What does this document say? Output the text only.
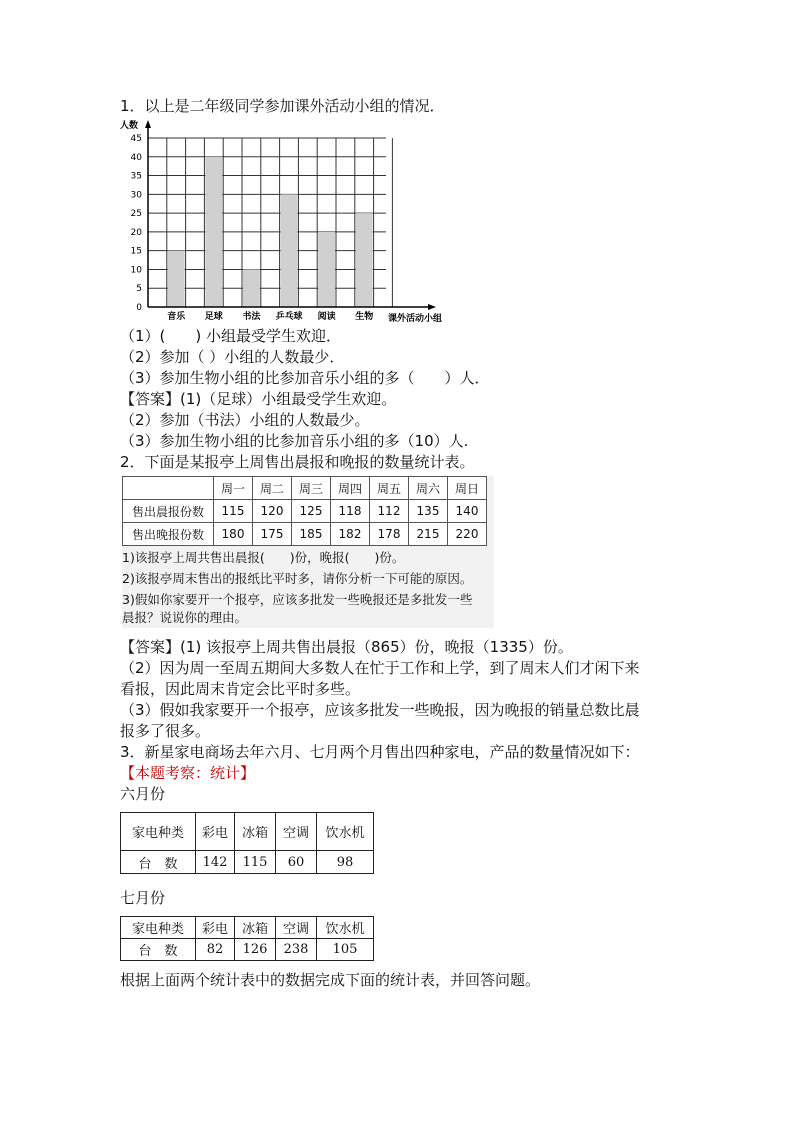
1．以上是二年级同学参加课外活动小组的情况．
0
5
10
15
20
25
30
35
40
45
人数
音乐 足球 书法 乒乓球 阅读 生物 课外活动小组
（1）(　　) 小组最受学生欢迎．
（2）参加（ ）小组的人数最少．
（3）参加生物小组的比参加音乐小组的多（　　）人．
【答案】(1)（足球）小组最受学生欢迎。
（2）参加（书法）小组的人数最少。
（3）参加生物小组的比参加音乐小组的多（10）人.
2．下面是某报亭上周售出晨报和晚报的数量统计表。
	周一	周二	周三	周四	周五	周六	周日
售出晨报份数	115	120	125	118	112	135	140
售出晚报份数	180	175	185	182	178	215	220
1)该报亭上周共售出晨报(　　)份，晚报(　　)份。
2)该报亭周末售出的报纸比平时多，请你分析一下可能的原因。
3)假如你家要开一个报亭，应该多批发一些晚报还是多批发一些
晨报？说说你的理由。
【答案】(1) 该报亭上周共售出晨报（865）份，晚报（1335）份。
（2）因为周一至周五期间大多数人在忙于工作和上学，到了周末人们才闲下来
看报，因此周末肯定会比平时多些。
（3）假如我家要开一个报亭，应该多批发一些晚报，因为晚报的销量总数比晨
报多了很多。
3．新星家电商场去年六月、七月两个月售出四种家电，产品的数量情况如下：
【本题考察：统计】
六月份
家电种类	彩电	冰箱	空调	饮水机
台　数	142	115	60	98
七月份
家电种类	彩电	冰箱	空调	饮水机
台　数	82	126	238	105
根据上面两个统计表中的数据完成下面的统计表，并回答问题。
